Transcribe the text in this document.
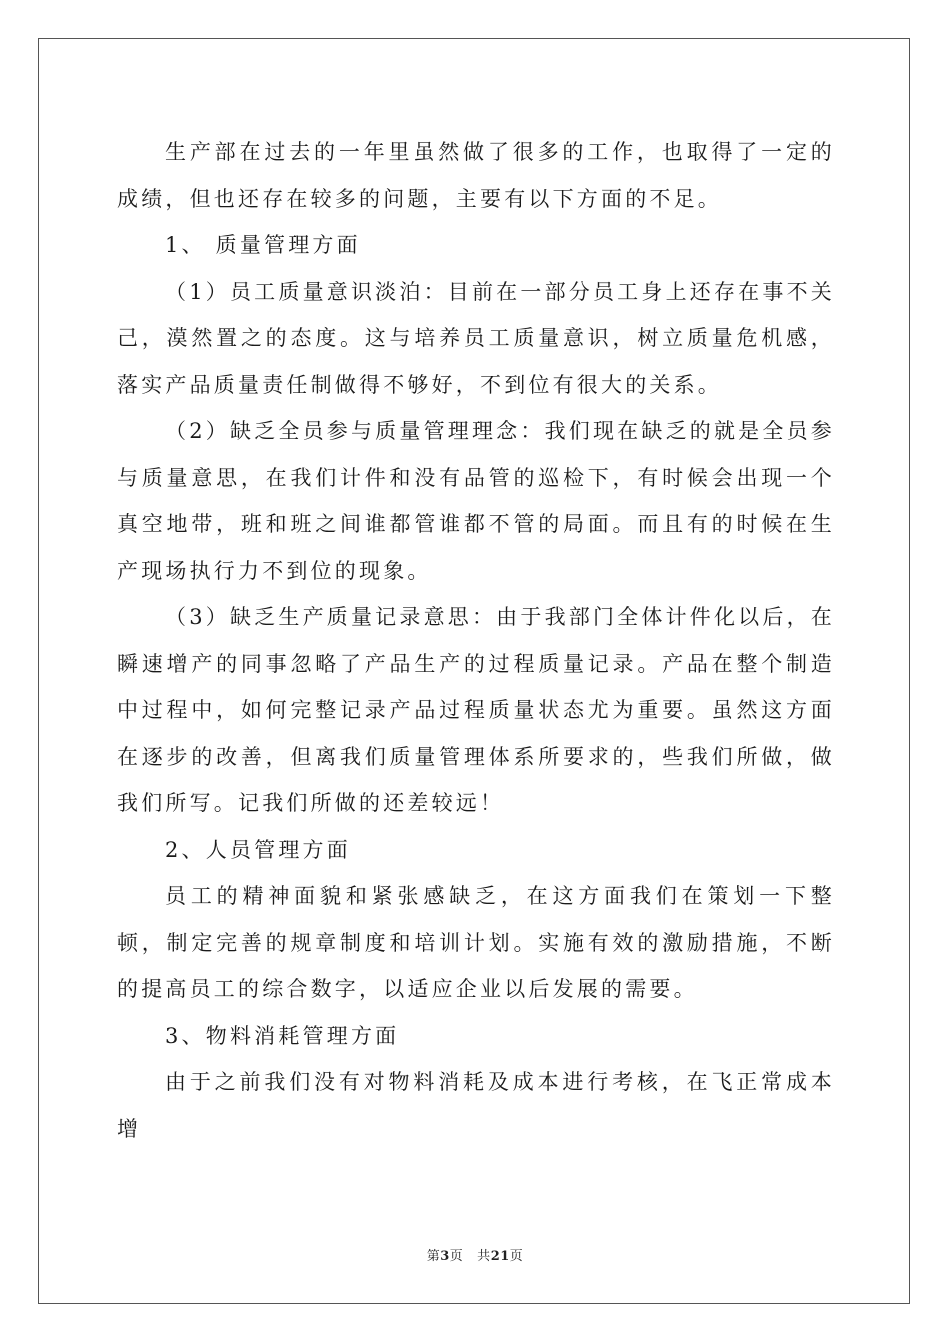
生产部在过去的一年里虽然做了很多的工作，也取得了一定的成绩，但也还存在较多的问题，主要有以下方面的不足。

1、 质量管理方面

（1）员工质量意识淡泊：目前在一部分员工身上还存在事不关己，漠然置之的态度。这与培养员工质量意识，树立质量危机感，落实产品质量责任制做得不够好，不到位有很大的关系。

（2）缺乏全员参与质量管理理念：我们现在缺乏的就是全员参与质量意思，在我们计件和没有品管的巡检下，有时候会出现一个真空地带，班和班之间谁都管谁都不管的局面。而且有的时候在生产现场执行力不到位的现象。

（3）缺乏生产质量记录意思：由于我部门全体计件化以后，在瞬速增产的同事忽略了产品生产的过程质量记录。产品在整个制造中过程中，如何完整记录产品过程质量状态尤为重要。虽然这方面在逐步的改善，但离我们质量管理体系所要求的，些我们所做，做我们所写。记我们所做的还差较远！

2、人员管理方面

员工的精神面貌和紧张感缺乏，在这方面我们在策划一下整顿，制定完善的规章制度和培训计划。实施有效的激励措施，不断的提高员工的综合数字，以适应企业以后发展的需要。

3、物料消耗管理方面

由于之前我们没有对物料消耗及成本进行考核，在飞正常成本增

第3页 共21页
